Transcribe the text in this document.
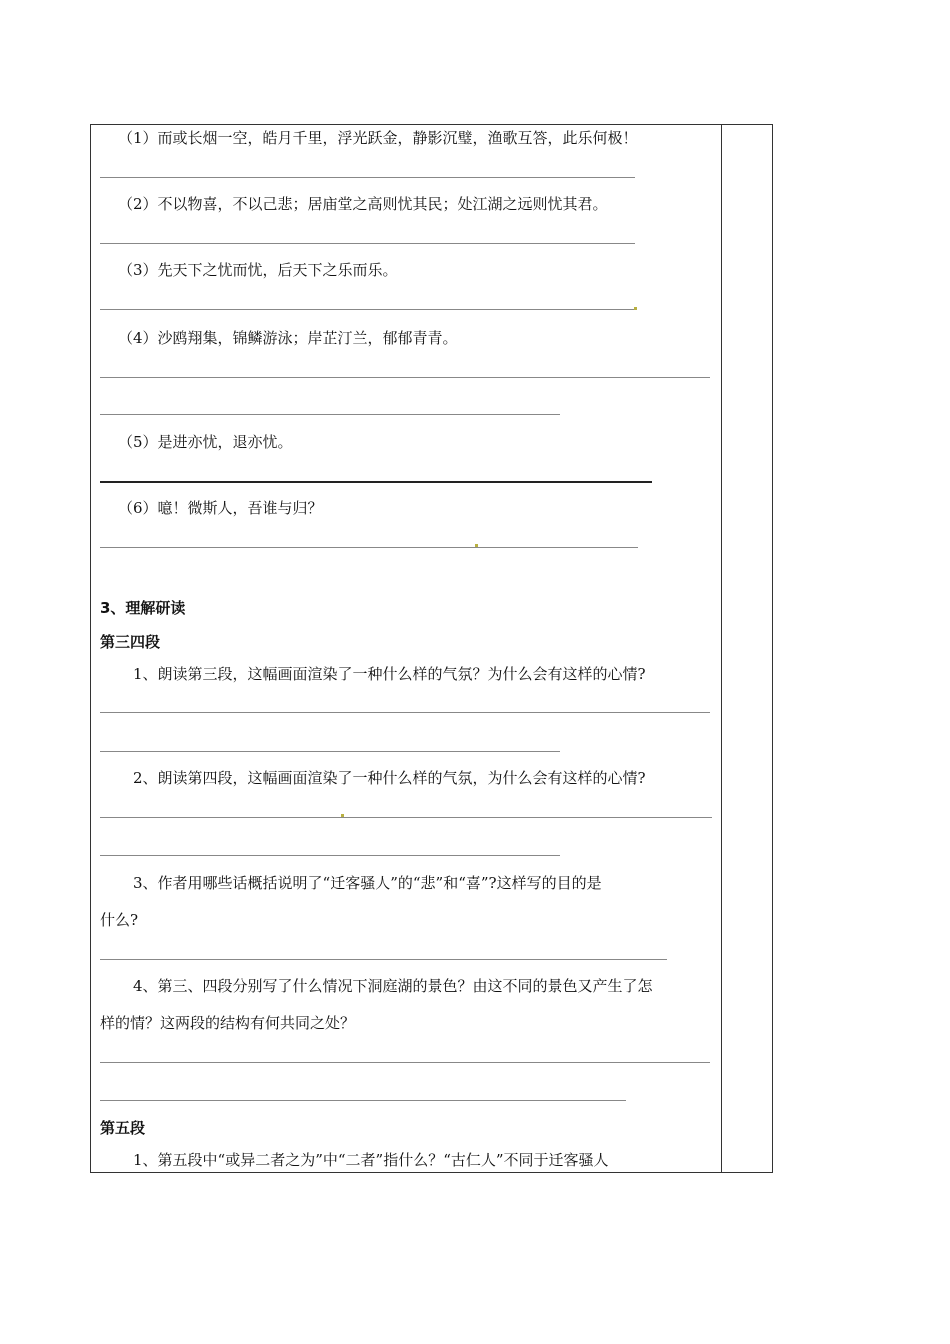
（1）而或长烟一空，皓月千里，浮光跃金，静影沉璧，渔歌互答，此乐何极！
（2）不以物喜，不以己悲；居庙堂之高则忧其民；处江湖之远则忧其君。
（3）先天下之忧而忧，后天下之乐而乐。
（4）沙鸥翔集，锦鳞游泳；岸芷汀兰，郁郁青青。
（5）是进亦忧，退亦忧。
（6）噫！微斯人，吾谁与归？
3、理解研读
第三四段
1、朗读第三段，这幅画面渲染了一种什么样的气氛？为什么会有这样的心情?
2、朗读第四段，这幅画面渲染了一种什么样的气氛，为什么会有这样的心情?
3、作者用哪些话概括说明了“迁客骚人”的“悲”和“喜”?这样写的目的是
什么?
4、第三、四段分别写了什么情况下洞庭湖的景色？由这不同的景色又产生了怎
样的情？这两段的结构有何共同之处？
第五段
1、第五段中“或异二者之为”中“二者”指什么？“古仁人”不同于迁客骚人
